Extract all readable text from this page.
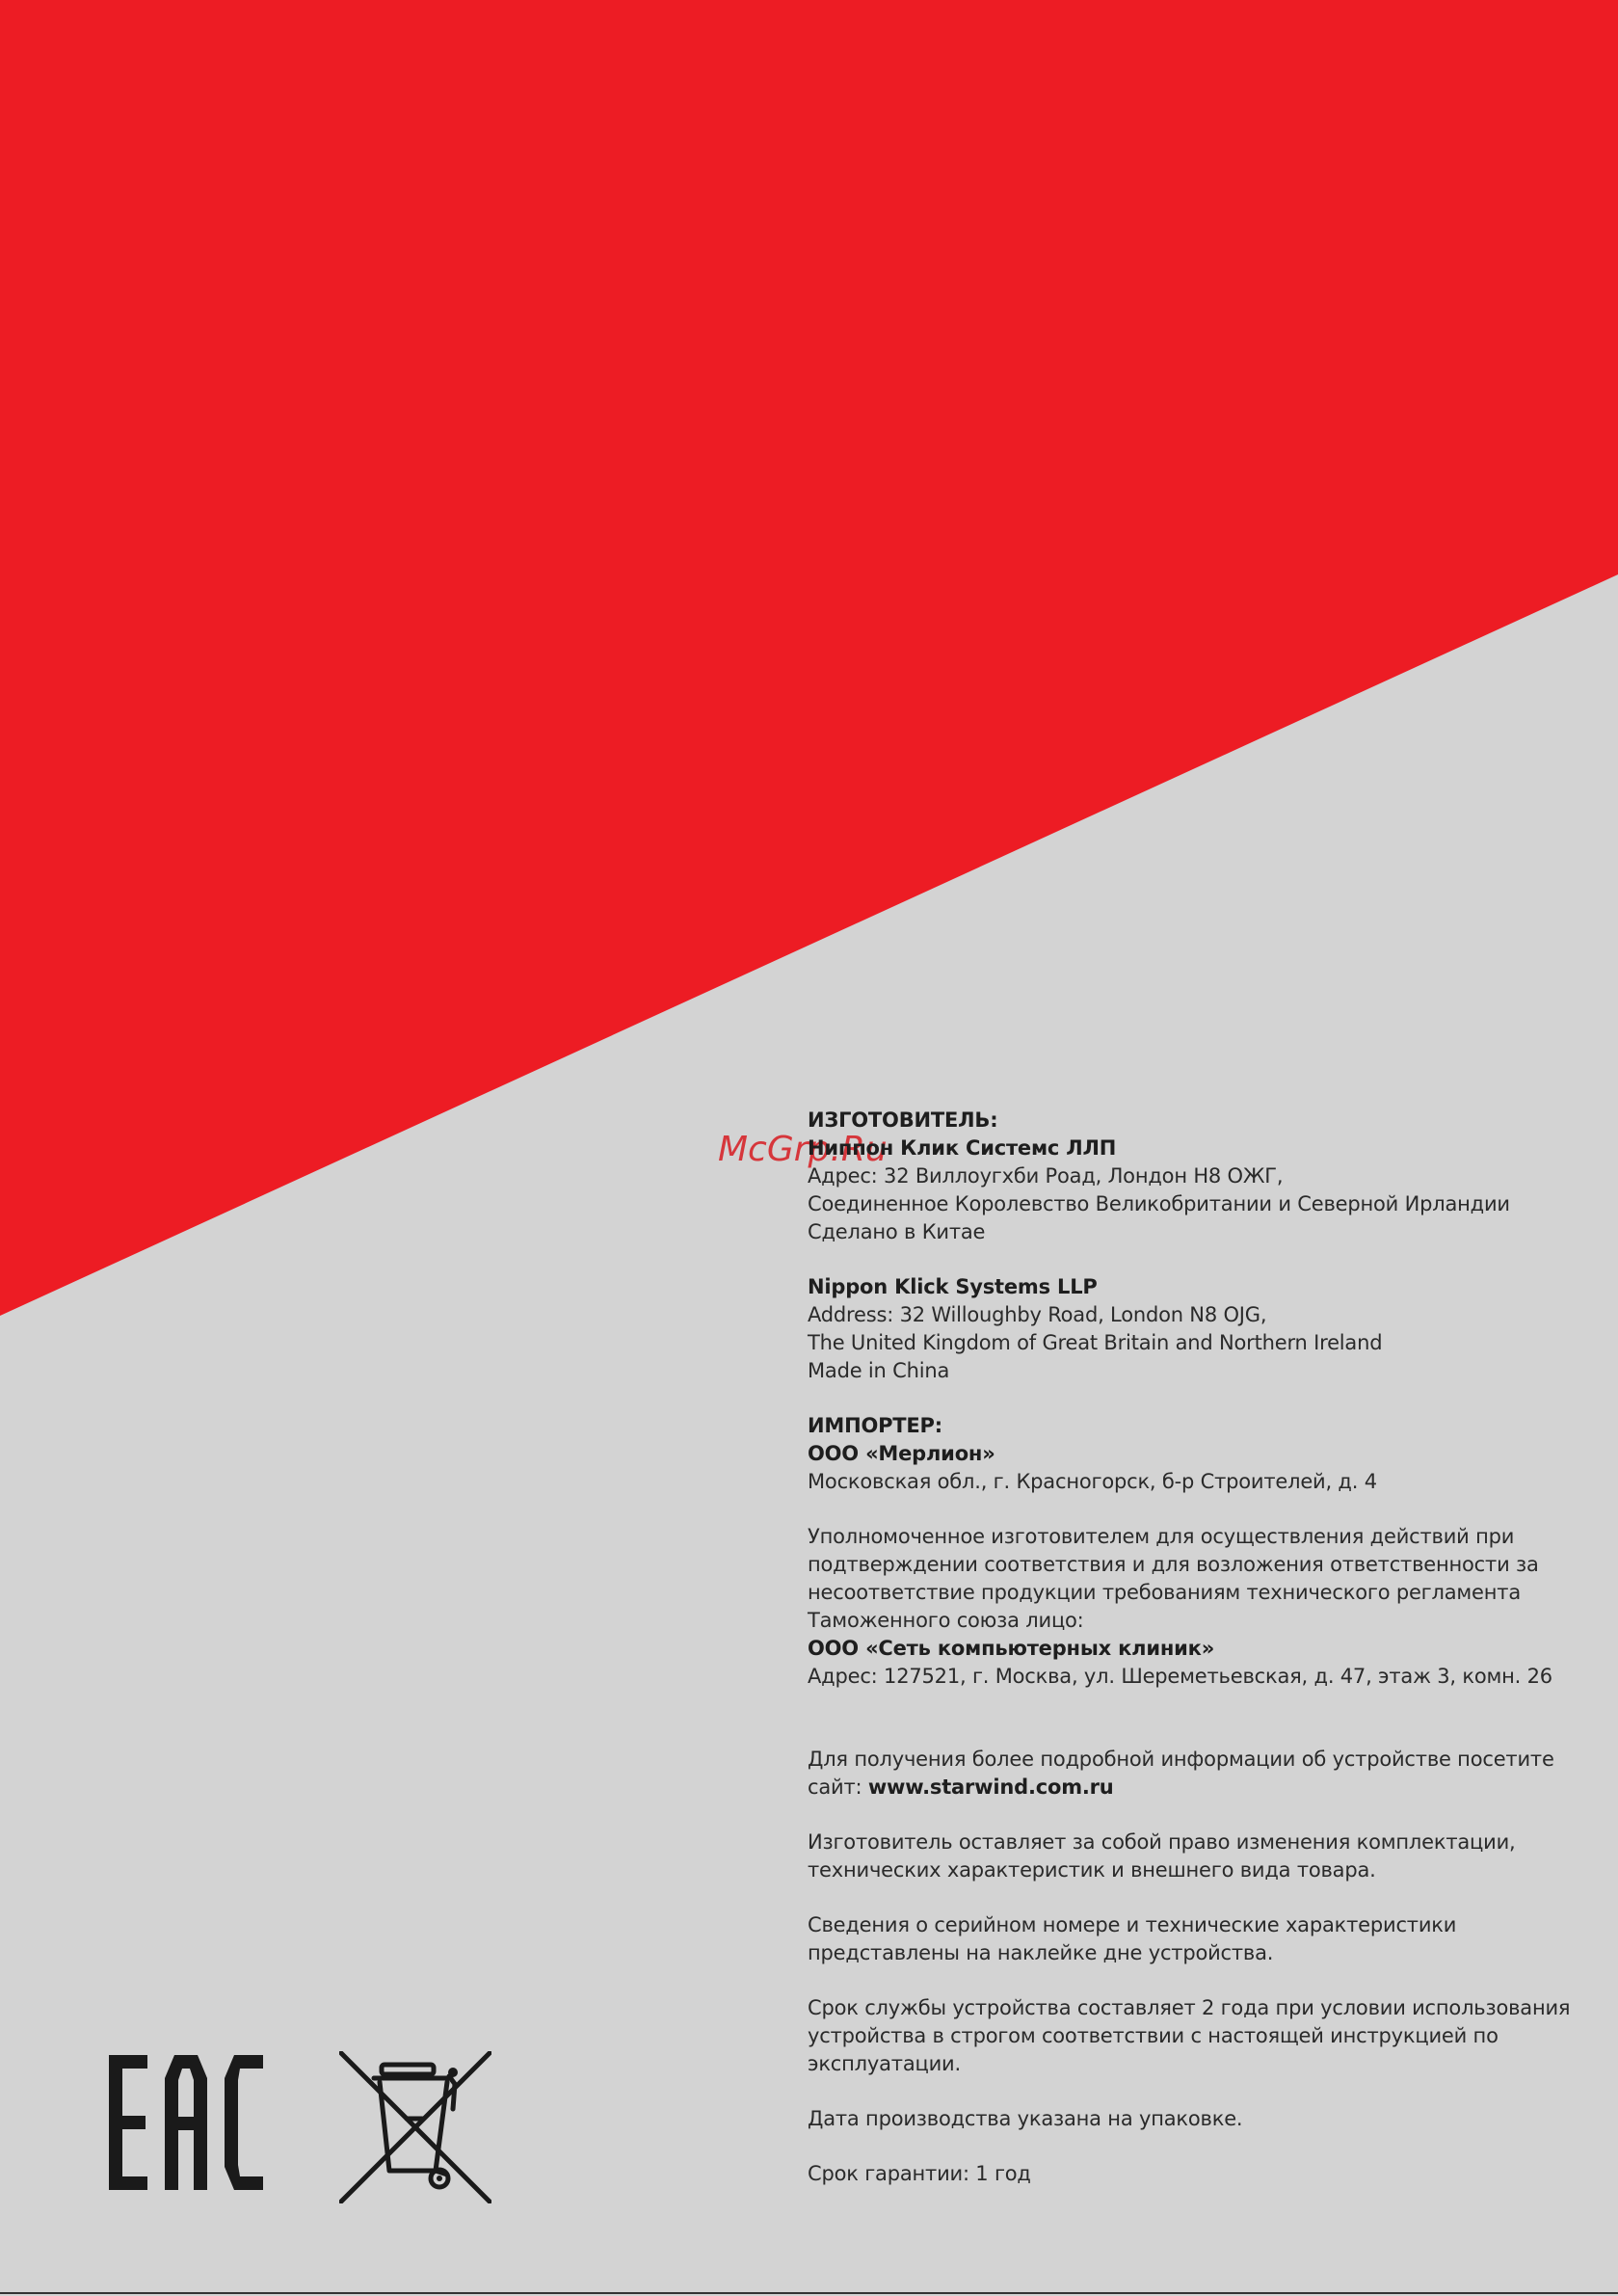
McGrp.Ru

ИЗГОТОВИТЕЛЬ:

Ниппон Клик Системс ЛЛП

Адрес: 32 Виллоугхби Роад, Лондон Н8 ОЖГ,

Соединенное Королевство Великобритании и Северной Ирландии

Сделано в Китае

Nippon Klick Systems LLP

Address: 32 Willoughby Road, London N8 OJG,

The United Kingdom of Great Britain and Northern Ireland

Made in China

ИМПОРТЕР:

ООО «Мерлион»

Московская обл., г. Красногорск, б-р Строителей, д. 4

Уполномоченное изготовителем для осуществления действий при

подтверждении соответствия и для возложения ответственности за

несоответствие продукции требованиям технического регламента

Таможенного союза лицо:

ООО «Сеть компьютерных клиник»

Адрес: 127521, г. Москва, ул. Шереметьевская, д. 47, этаж 3, комн. 26

Для получения более подробной информации об устройстве посетите

сайт: www.starwind.com.ru

Изготовитель оставляет за собой право изменения комплектации,

технических характеристик и внешнего вида товара.

Сведения о серийном номере и технические характеристики

представлены на наклейке дне устройства.

Срок службы устройства составляет 2 года при условии использования

устройства в строгом соответствии с настоящей инструкцией по

эксплуатации.

Дата производства указана на упаковке.

Срок гарантии: 1 год
